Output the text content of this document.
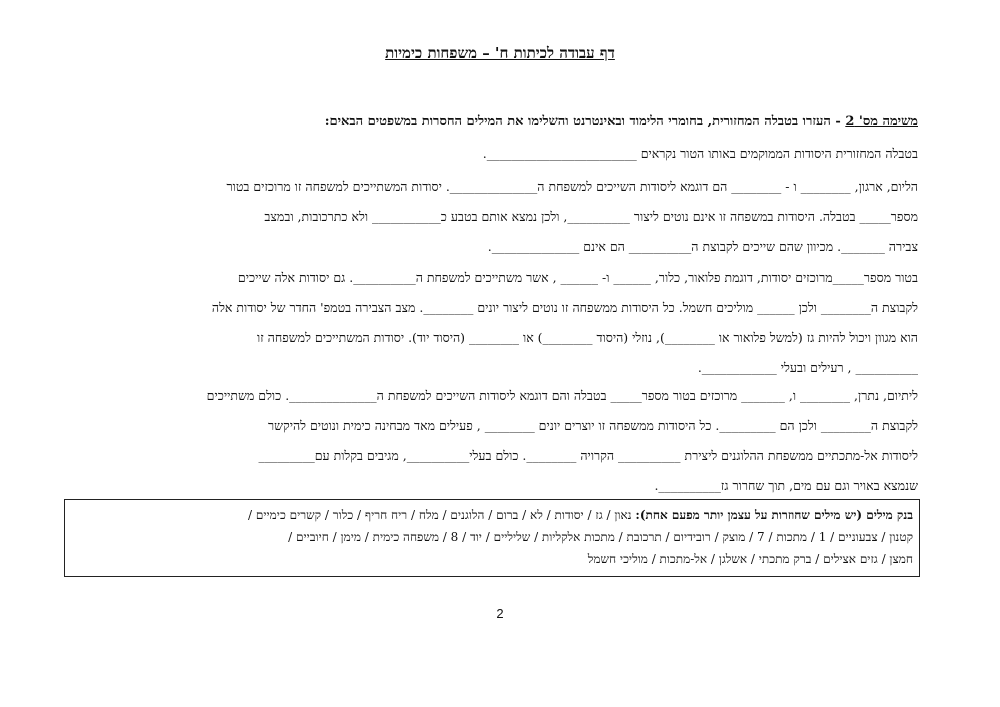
דף עבודה לכיתות ח' – משפחות כימיות
משימה מס' 2 - העזרו בטבלה המחזורית, בחומרי הלימוד ובאינטרנט והשלימו את המילים החסרות במשפטים הבאים:
בטבלה המחזורית היסודות הממוקמים באותו הטור נקראים ________________________.
הליום, ארגון, ________ ו - ________ הם דוגמא ליסודות השייכים למשפחת ה______________. יסודות המשתייכים למשפחה זו מרוכזים בטור
מספר_____ בטבלה. היסודות במשפחה זו אינם נוטים ליצור __________, ולכן נמצא אותם בטבע כ___________ ולא כתרכובות, ובמצב
צבירה _______. מכיוון שהם שייכים לקבוצת ה__________ הם אינם ______________.
בטור מספר_____מרוכזים יסודות, דוגמת פלואור, כלור, ______ ו- ______ , אשר משתייכים למשפחת ה__________. גם יסודות אלה שייכים
לקבוצת ה________ ולכן ______ מוליכים חשמל. כל היסודות ממשפחה זו נוטים ליצור יונים ________. מצב הצבירה בטמפ' החדר של יסודות אלה
הוא מגוון ויכול להיות גז (למשל פלואור או ________), נוזלי (היסוד ________) או ________ (היסוד יוד). יסודות המשתייכים למשפחה זו
__________ , רעילים ובעלי ____________.
ליתיום, נתרן, ________ ו, _______ מרוכזים בטור מספר_____ בטבלה והם דוגמא ליסודות השייכים למשפחת ה______________. כולם משתייכים
לקבוצת ה________ ולכן הם _________. כל היסודות ממשפחה זו יוצרים יונים ________ , פעילים מאד מבחינה כימית ונוטים להיקשר
ליסודות אל-מתכתיים ממשפחת ההלוגנים ליצירת __________ הקרויה ________. כולם בעלי__________, מגיבים בקלות עם_________
שנמצא באויר וגם עם מים, תוך שחרור גז__________.
בנק מילים (יש מילים שחוזרות על עצמן יותר מפעם אחת): נאון / גז / יסודות / לא / ברום / הלוגנים / מלח / ריח חריף / כלור / קשרים כימיים /
קטנון / צבעוניים / 1 / מתכות / 7 / מוצק / רובידיום / תרכובת / מתכות אלקליות / שליליים / יוד / 8 / משפחה כימית / מימן / חיוביים /
חמצן / גזים אצילים / ברק מתכתי / אשלגן / אל-מתכות / מוליכי חשמל
2
